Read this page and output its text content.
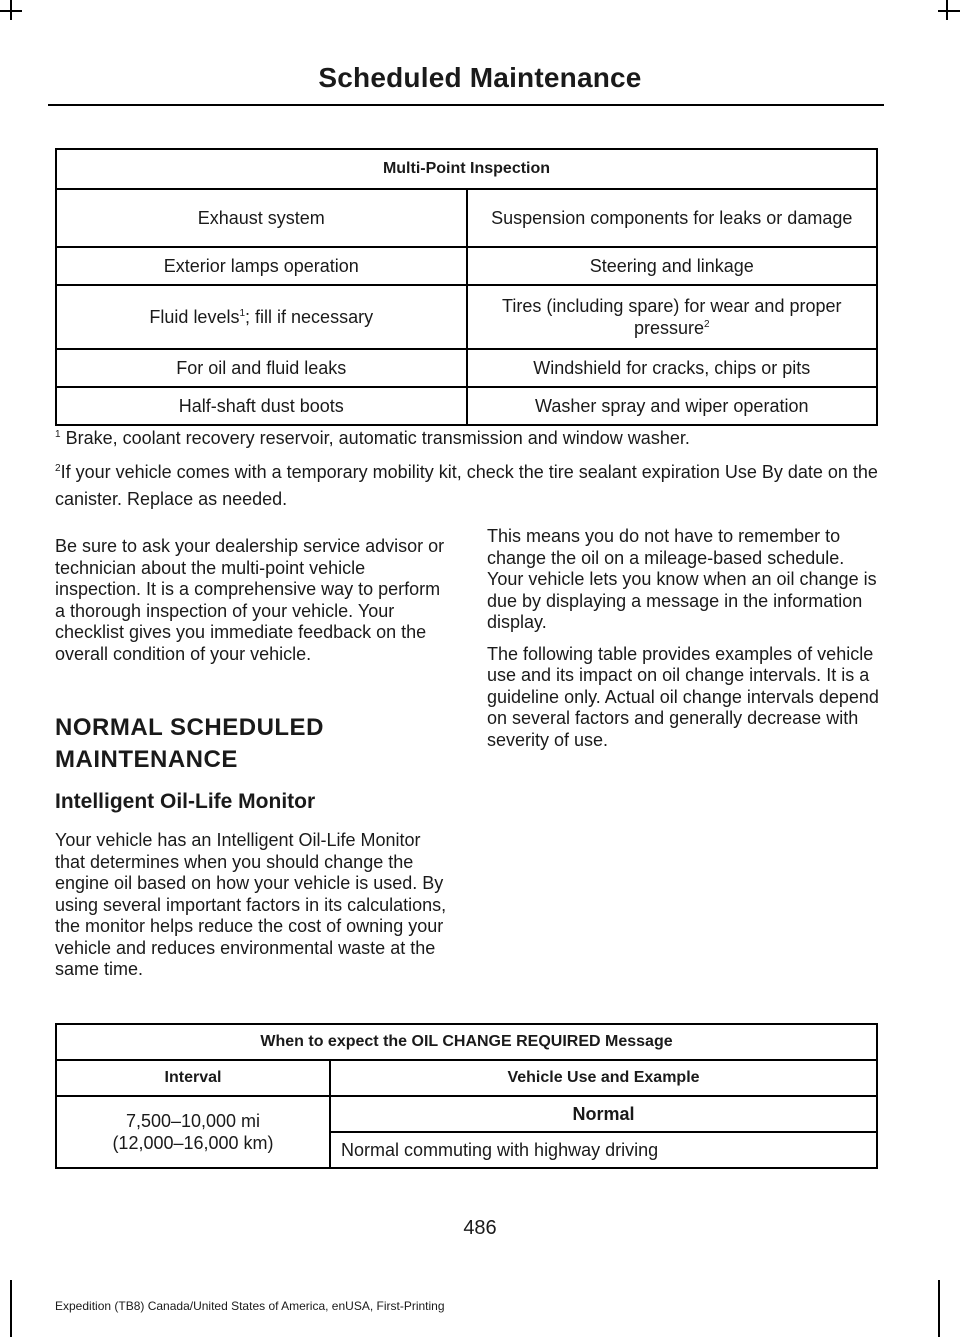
Scheduled Maintenance
Multi-Point Inspection	
Exhaust system	Suspension components for leaks or damage
Exterior lamps operation	Steering and linkage
Fluid levels$^1$; fill if necessary	Tires (including spare) for wear and proper pressure$^2$
For oil and fluid leaks	Windshield for cracks, chips or pits
Half-shaft dust boots	Washer spray and wiper operation
$^1$ Brake, coolant recovery reservoir, automatic transmission and window washer.
$^2$If your vehicle comes with a temporary mobility kit, check the tire sealant expiration Use By date on the canister. Replace as needed.

Be sure to ask your dealership service advisor or technician about the multi-point vehicle inspection. It is a comprehensive way to perform a thorough inspection of your vehicle. Your checklist gives you immediate feedback on the overall condition of your vehicle.

NORMAL SCHEDULED
MAINTENANCE
Intelligent Oil-Life Monitor

Your vehicle has an Intelligent Oil-Life Monitor that determines when you should change the engine oil based on how your vehicle is used. By using several important factors in its calculations, the monitor helps reduce the cost of owning your vehicle and reduces environmental waste at the same time.

This means you do not have to remember to change the oil on a mileage-based schedule. Your vehicle lets you know when an oil change is due by displaying a message in the information display.

The following table provides examples of vehicle use and its impact on oil change intervals. It is a guideline only. Actual oil change intervals depend on several factors and generally decrease with severity of use.

When to expect the OIL CHANGE REQUIRED Message	
Interval	Vehicle Use and Example

7,500–10,000 mi
(12,000–16,000 km)	Normal
	Normal commuting with highway driving
486
Expedition (TB8) Canada/United States of America, enUSA, First-Printing
